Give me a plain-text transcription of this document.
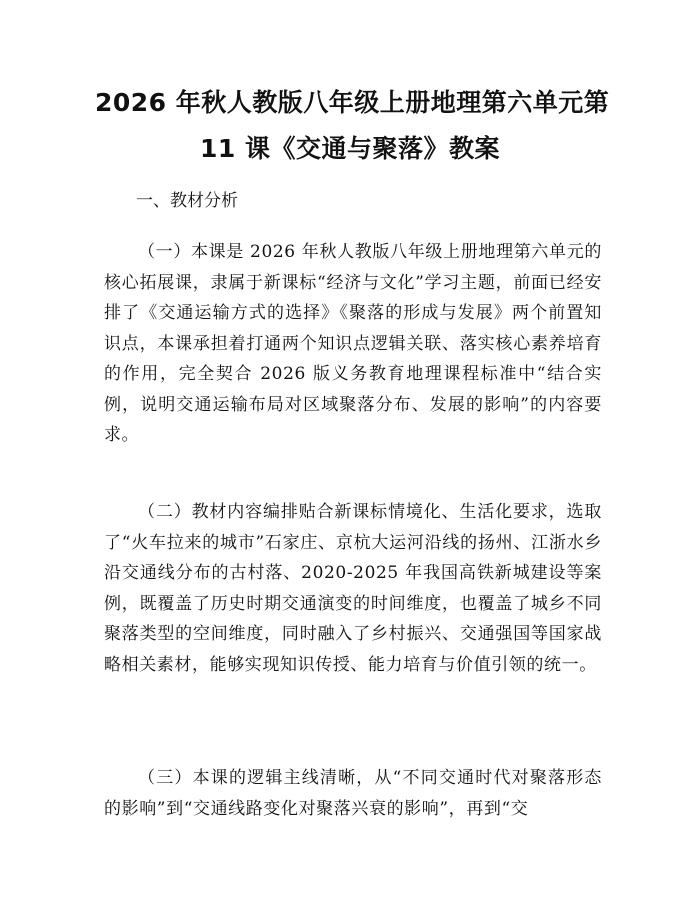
2026 年秋人教版八年级上册地理第六单元第
11 课《交通与聚落》教案
一、教材分析

（一）本课是 2026 年秋人教版八年级上册地理第六单元的核心拓展课，隶属于新课标“经济与文化”学习主题，前面已经安排了《交通运输方式的选择》《聚落的形成与发展》两个前置知识点，本课承担着打通两个知识点逻辑关联、落实核心素养培育的作用，完全契合 2026 版义务教育地理课程标准中“结合实例，说明交通运输布局对区域聚落分布、发展的影响”的内容要求。

（二）教材内容编排贴合新课标情境化、生活化要求，选取了“火车拉来的城市”石家庄、京杭大运河沿线的扬州、江浙水乡沿交通线分布的古村落、2020-2025 年我国高铁新城建设等案例，既覆盖了历史时期交通演变的时间维度，也覆盖了城乡不同聚落类型的空间维度，同时融入了乡村振兴、交通强国等国家战略相关素材，能够实现知识传授、能力培育与价值引领的统一。

（三）本课的逻辑主线清晰，从“不同交通时代对聚落形态的影响”到“交通线路变化对聚落兴衰的影响”，再到“交
